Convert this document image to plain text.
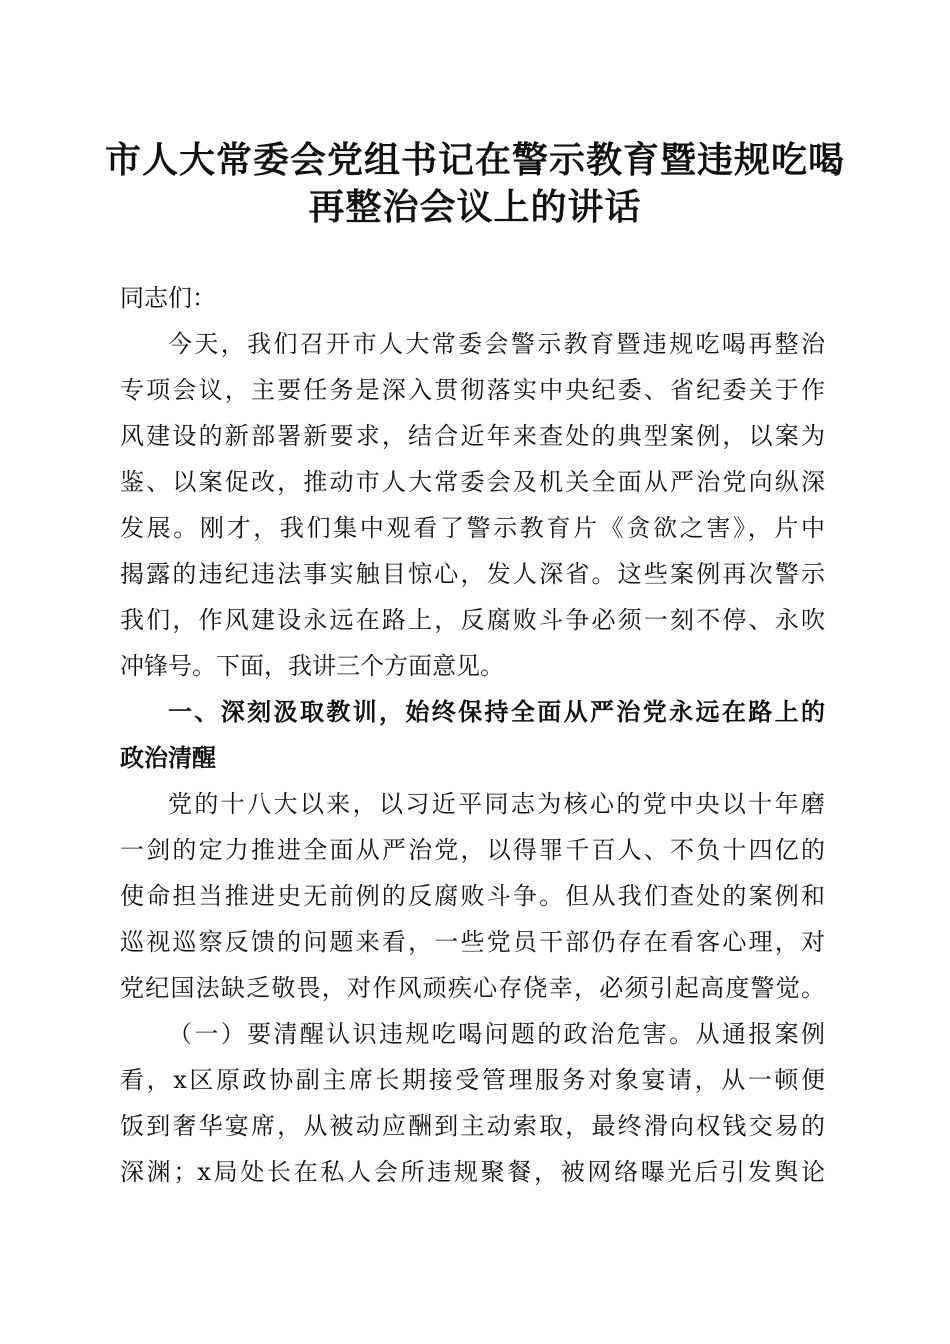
市人大常委会党组书记在警示教育暨违规吃喝
再整治会议上的讲话
同志们：
今天，我们召开市人大常委会警示教育暨违规吃喝再整治
专项会议，主要任务是深入贯彻落实中央纪委、省纪委关于作
风建设的新部署新要求，结合近年来查处的典型案例，以案为
鉴、以案促改，推动市人大常委会及机关全面从严治党向纵深
发展。刚才，我们集中观看了警示教育片《贪欲之害》，片中
揭露的违纪违法事实触目惊心，发人深省。这些案例再次警示
我们，作风建设永远在路上，反腐败斗争必须一刻不停、永吹
冲锋号。下面，我讲三个方面意见。
一、深刻汲取教训，始终保持全面从严治党永远在路上的
政治清醒
党的十八大以来，以习近平同志为核心的党中央以十年磨
一剑的定力推进全面从严治党，以得罪千百人、不负十四亿的
使命担当推进史无前例的反腐败斗争。但从我们查处的案例和
巡视巡察反馈的问题来看，一些党员干部仍存在看客心理，对
党纪国法缺乏敬畏，对作风顽疾心存侥幸，必须引起高度警觉。
（一）要清醒认识违规吃喝问题的政治危害。从通报案例
看，x区原政协副主席长期接受管理服务对象宴请，从一顿便
饭到奢华宴席，从被动应酬到主动索取，最终滑向权钱交易的
深渊；x局处长在私人会所违规聚餐，被网络曝光后引发舆论
